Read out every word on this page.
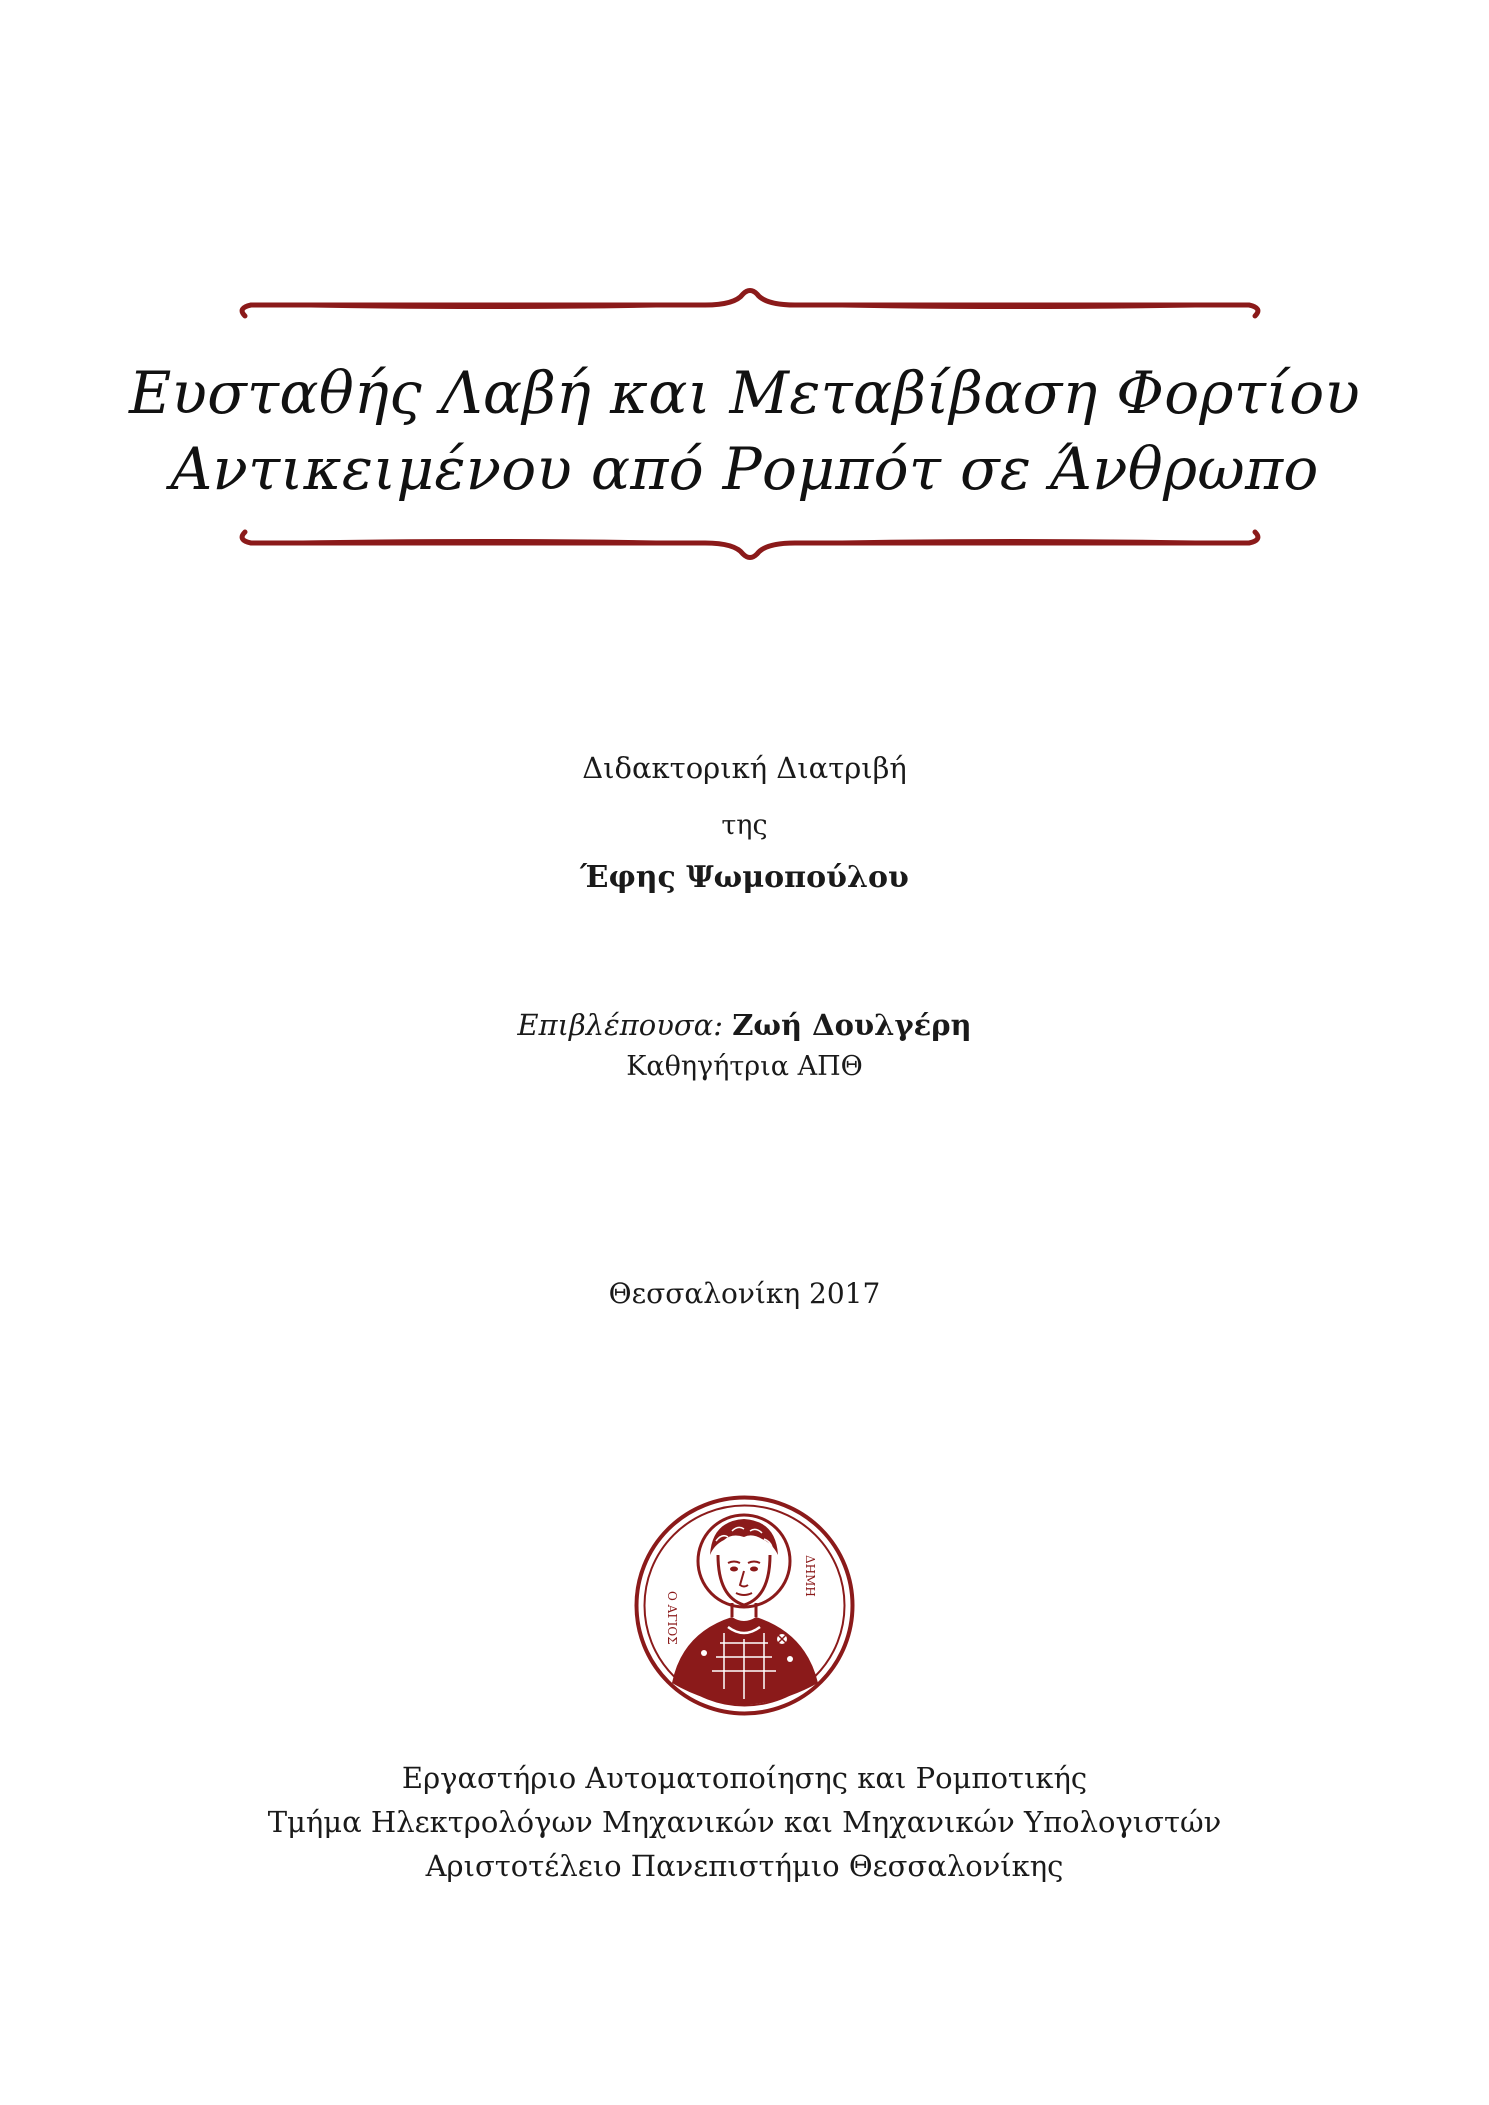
Ευσταθής Λαβή και Μεταβίβαση Φορτίου
Αντικειμένου από Ρομπότ σε Άνθρωπο
Διδακτορική Διατριβή
της
Έφης Ψωμοπούλου
Επιβλέπουσα: Ζωή Δουλγέρη
Καθηγήτρια ΑΠΘ
Θεσσαλονίκη 2017
Ο ΑΓΙΟΣ
ΔΗΜΗ
Εργαστήριο Αυτοματοποίησης και Ρομποτικής
Τμήμα Ηλεκτρολόγων Μηχανικών και Μηχανικών Υπολογιστών
Αριστοτέλειο Πανεπιστήμιο Θεσσαλονίκης
